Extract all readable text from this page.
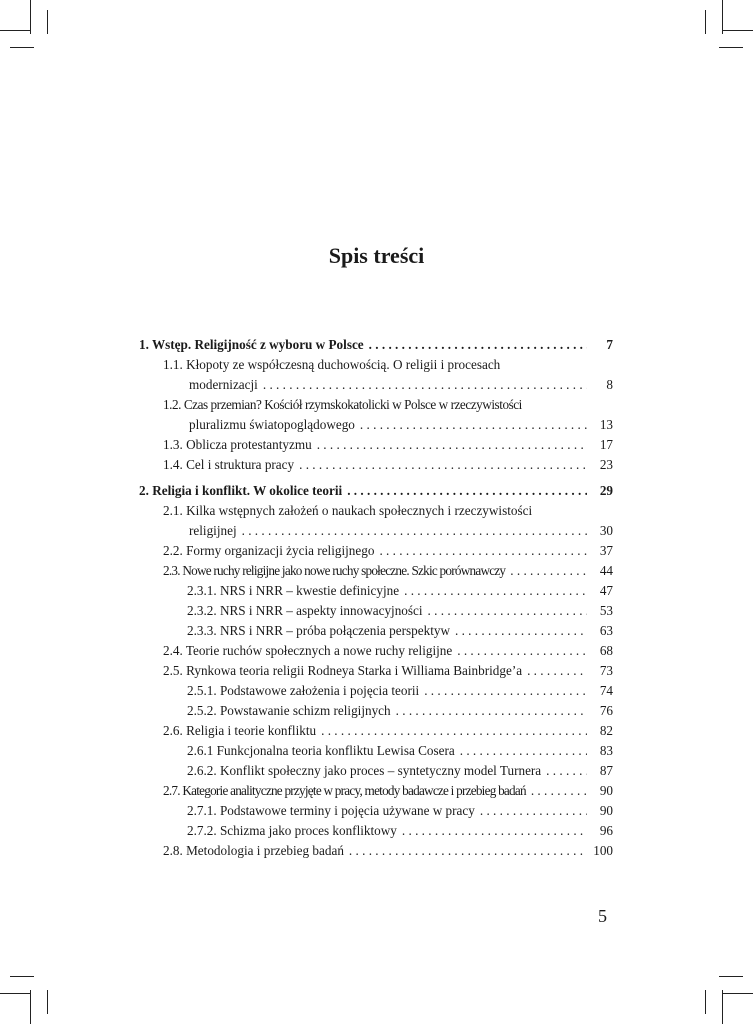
Spis treści
1. Wstęp. Religijność z wyboru w Polsce . . .	7
1.1. Kłopoty ze współczesną duchowością. O religii i procesach
modernizacji . . .	8
1.2. Czas przemian? Kościół rzymskokatolicki w Polsce w rzeczywistości
pluralizmu światopoglądowego . . .	13
1.3. Oblicza protestantyzmu . . .	17
1.4. Cel i struktura pracy . . .	23
2. Religia i konflikt. W okolice teorii . . .	29
2.1. Kilka wstępnych założeń o naukach społecznych i rzeczywistości
religijnej . . .	30
2.2. Formy organizacji życia religijnego . . .	37
2.3. Nowe ruchy religijne jako nowe ruchy społeczne. Szkic porównawczy . . .	44
2.3.1. NRS i NRR – kwestie definicyjne . . .	47
2.3.2. NRS i NRR – aspekty innowacyjności . . .	53
2.3.3. NRS i NRR – próba połączenia perspektyw . . .	63
2.4. Teorie ruchów społecznych a nowe ruchy religijne . . .	68
2.5. Rynkowa teoria religii Rodneya Starka i Williama Bainbridge’a . . .	73
2.5.1. Podstawowe założenia i pojęcia teorii . . .	74
2.5.2. Powstawanie schizm religijnych . . .	76
2.6. Religia i teorie konfliktu . . .	82
2.6.1 Funkcjonalna teoria konfliktu Lewisa Cosera . . .	83
2.6.2. Konflikt społeczny jako proces – syntetyczny model Turnera . . .	87
2.7. Kategorie analityczne przyjęte w pracy, metody badawcze i przebieg badań . . .	90
2.7.1. Podstawowe terminy i pojęcia używane w pracy . . .	90
2.7.2. Schizma jako proces konfliktowy . . .	96
2.8. Metodologia i przebieg badań . . .	100
5
